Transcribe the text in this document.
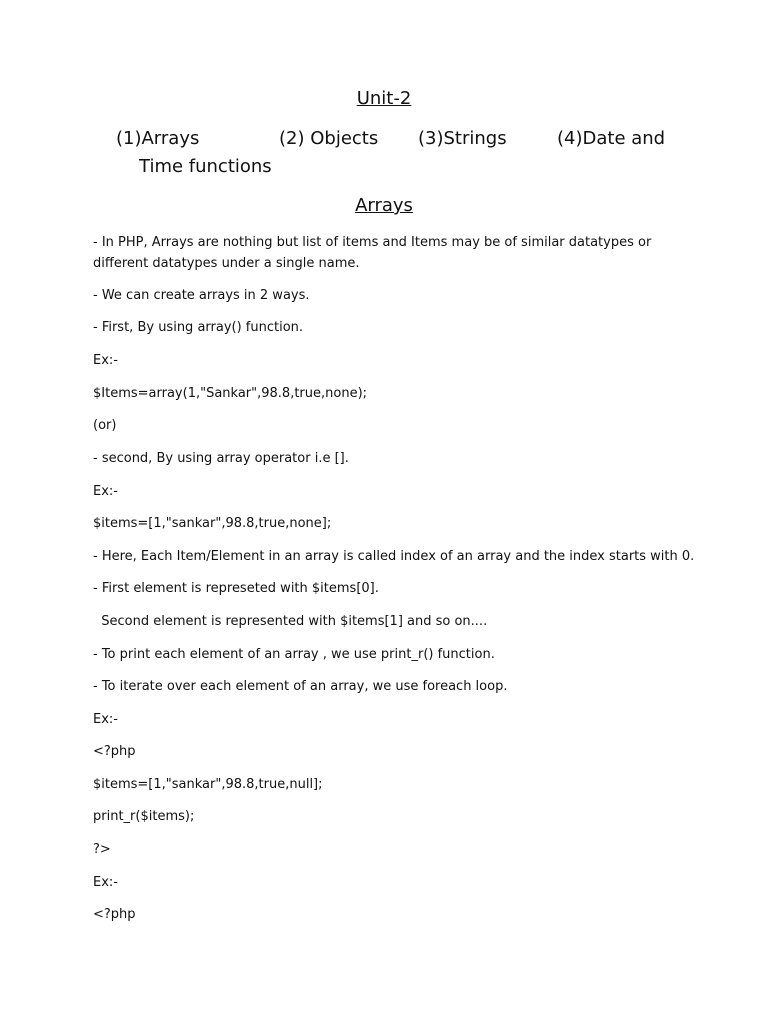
Unit-2
(1)Arrays	(2) Objects (3)Strings	(4)Date and
Time functions
Arrays
- In PHP, Arrays are nothing but list of items and Items may be of similar datatypes or
different datatypes under a single name.
- We can create arrays in 2 ways.
- First, By using array() function.
Ex:-
$Items=array(1,"Sankar",98.8,true,none);
(or)
- second, By using array operator i.e [].
Ex:-
$items=[1,"sankar",98.8,true,none];
- Here, Each Item/Element in an array is called index of an array and the index starts with 0.
- First element is represeted with $items[0].
Second element is represented with $items[1] and so on....
- To print each element of an array , we use print_r() function.
- To iterate over each element of an array, we use foreach loop.
Ex:-
<?php
$items=[1,"sankar",98.8,true,null];
print_r($items);
?>
Ex:-
<?php
